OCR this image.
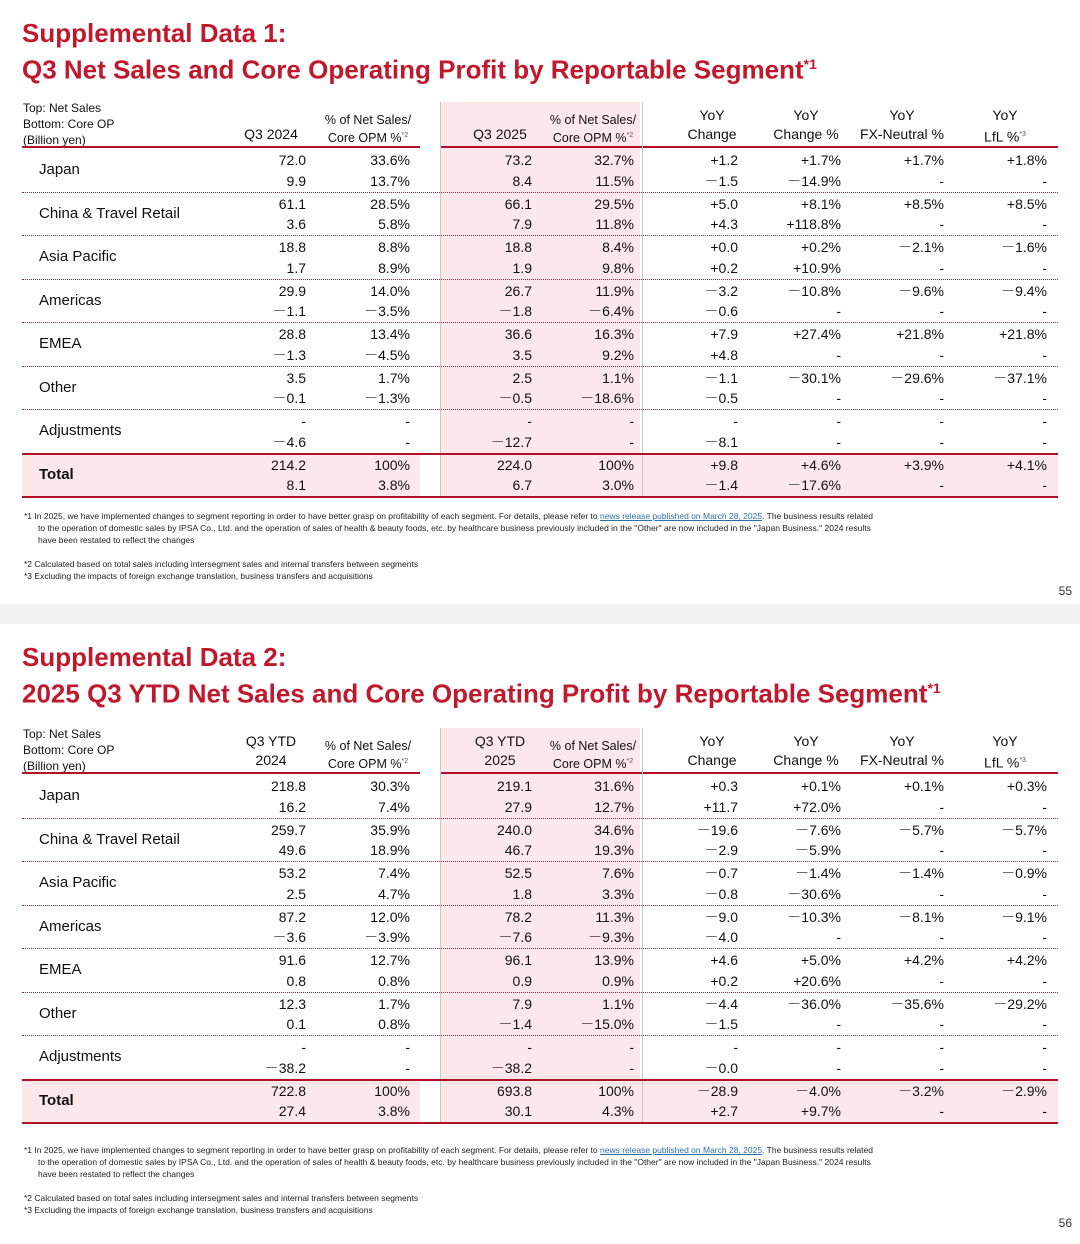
Supplemental Data 1:
Q3 Net Sales and Core Operating Profit by Reportable Segment$^{*1}$
Top: Net Sales
Bottom: Core OP
(Billion yen)	Q3 2024
% of Net Sales/
Core OPM %$^{*2}$	Q3 2025
% of Net Sales/
Core OPM %$^{*2}$
YoY
Change
YoY
Change %
YoY
FX-Neutral %
YoY
LfL %$^{*3}$
Japan
72.0	33.6%	73.2	32.7%	+1.2	+1.7%	+1.7%	+1.8%
9.9	13.7%	8.4	11.5%	－1.5	－14.9%	-	-
China & Travel Retail
61.1	28.5%	66.1	29.5%	+5.0	+8.1%	+8.5%	+8.5%
3.6	5.8%	7.9	11.8%	+4.3	+118.8%	-	-
Asia Pacific
18.8	8.8%	18.8	8.4%	+0.0	+0.2%	－2.1%	－1.6%
1.7	8.9%	1.9	9.8%	+0.2	+10.9%	-	-
Americas
29.9	14.0%	26.7	11.9%	－3.2	－10.8%	－9.6%	－9.4%
－1.1	－3.5%	－1.8	－6.4%	－0.6	-	-	-
EMEA
28.8	13.4%	36.6	16.3%	+7.9	+27.4%	+21.8%	+21.8%
－1.3	－4.5%	3.5	9.2%	+4.8	-	-	-
Other
3.5	1.7%	2.5	1.1%	－1.1	－30.1%	－29.6%	－37.1%
－0.1	－1.3%	－0.5	－18.6%	－0.5	-	-	-
Adjustments
-	-	-	-	-	-	-	-
－4.6	-	－12.7	-	－8.1	-	-	-
Total
214.2	100%	224.0	100%	+9.8	+4.6%	+3.9%	+4.1%
8.1	3.8%	6.7	3.0%	－1.4	－17.6%	-	-
*1 In 2025, we have implemented changes to segment reporting in order to have better grasp on profitability of each segment. For details, please refer to news release published on March 28, 2025. The business results related
to the operation of domestic sales by IPSA Co., Ltd. and the operation of sales of health & beauty foods, etc. by healthcare business previously included in the "Other" are now included in the "Japan Business." 2024 results
have been restated to reflect the changes
*2 Calculated based on total sales including intersegment sales and internal transfers between segments
*3 Excluding the impacts of foreign exchange translation, business transfers and acquisitions
55
Supplemental Data 2:
2025 Q3 YTD Net Sales and Core Operating Profit by Reportable Segment$^{*1}$
Top: Net Sales
Bottom: Core OP
(Billion yen)
Q3 YTD
2024
% of Net Sales/
Core OPM %$^{*2}$
Q3 YTD
2025
% of Net Sales/
Core OPM %$^{*2}$
YoY
Change
YoY
Change %
YoY
FX-Neutral %
YoY
LfL %$^{*3}$
Japan
218.8	30.3%	219.1	31.6%	+0.3	+0.1%	+0.1%	+0.3%
16.2	7.4%	27.9	12.7%	+11.7	+72.0%	-	-
China & Travel Retail
259.7	35.9%	240.0	34.6%	－19.6	－7.6%	－5.7%	－5.7%
49.6	18.9%	46.7	19.3%	－2.9	－5.9%	-	-
Asia Pacific
53.2	7.4%	52.5	7.6%	－0.7	－1.4%	－1.4%	－0.9%
2.5	4.7%	1.8	3.3%	－0.8	－30.6%	-	-
Americas
87.2	12.0%	78.2	11.3%	－9.0	－10.3%	－8.1%	－9.1%
－3.6	－3.9%	－7.6	－9.3%	－4.0	-	-	-
EMEA
91.6	12.7%	96.1	13.9%	+4.6	+5.0%	+4.2%	+4.2%
0.8	0.8%	0.9	0.9%	+0.2	+20.6%	-	-
Other
12.3	1.7%	7.9	1.1%	－4.4	－36.0%	－35.6%	－29.2%
0.1	0.8%	－1.4	－15.0%	－1.5	-	-	-
Adjustments
-	-	-	-	-	-	-	-
－38.2	-	－38.2	-	－0.0	-	-	-
Total
722.8	100%	693.8	100%	－28.9	－4.0%	－3.2%	－2.9%
27.4	3.8%	30.1	4.3%	+2.7	+9.7%	-	-
*1 In 2025, we have implemented changes to segment reporting in order to have better grasp on profitability of each segment. For details, please refer to news release published on March 28, 2025. The business results related
to the operation of domestic sales by IPSA Co., Ltd. and the operation of sales of health & beauty foods, etc. by healthcare business previously included in the "Other" are now included in the "Japan Business." 2024 results
have been restated to reflect the changes
*2 Calculated based on total sales including intersegment sales and internal transfers between segments
*3 Excluding the impacts of foreign exchange translation, business transfers and acquisitions
56
